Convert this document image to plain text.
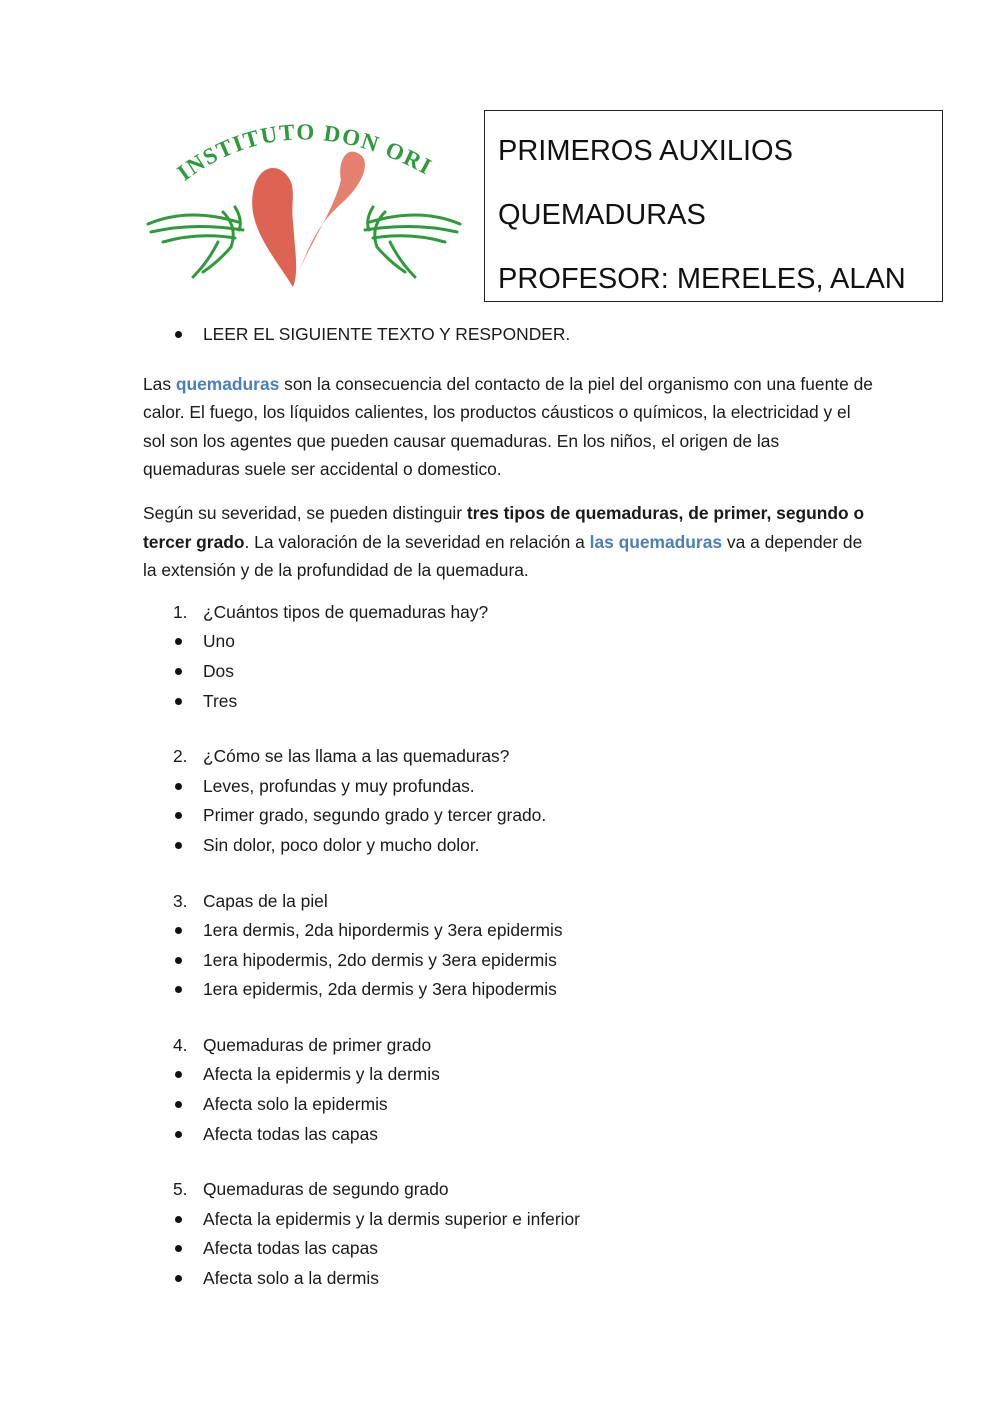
INSTITUTO DON ORI PRIMEROS AUXILIOS
QUEMADURAS
PROFESOR: MERELES, ALAN
LEER EL SIGUIENTE TEXTO Y RESPONDER.

Las quemaduras son la consecuencia del contacto de la piel del organismo con una fuente de calor. El fuego, los líquidos calientes, los productos cáusticos o químicos, la electricidad y el sol son los agentes que pueden causar quemaduras. En los niños, el origen de las quemaduras suele ser accidental o domestico.

Según su severidad, se pueden distinguir tres tipos de quemaduras, de primer, segundo o tercer grado. La valoración de la severidad en relación a las quemaduras va a depender de la extensión y de la profundidad de la quemadura.

1. ¿Cuántos tipos de quemaduras hay?
Uno
Dos
Tres
2. ¿Cómo se las llama a las quemaduras?
Leves, profundas y muy profundas.
Primer grado, segundo grado y tercer grado.
Sin dolor, poco dolor y mucho dolor.
3. Capas de la piel
1era dermis, 2da hipordermis y 3era epidermis
1era hipodermis, 2do dermis y 3era epidermis
1era epidermis, 2da dermis y 3era hipodermis
4. Quemaduras de primer grado
Afecta la epidermis y la dermis
Afecta solo la epidermis
Afecta todas las capas
5. Quemaduras de segundo grado
Afecta la epidermis y la dermis superior e inferior
Afecta todas las capas
Afecta solo a la dermis
